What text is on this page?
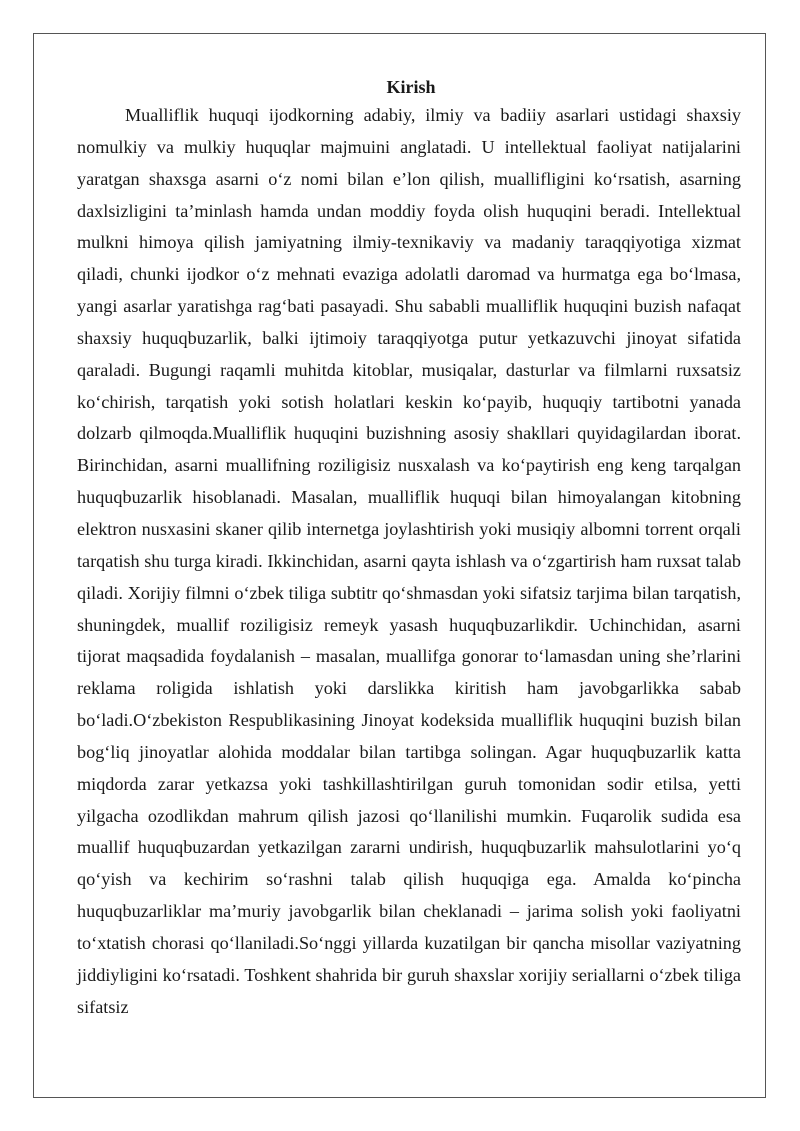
Kirish

Mualliflik huquqi ijodkorning adabiy, ilmiy va badiiy asarlari ustidagi shaxsiy nomulkiy va mulkiy huquqlar majmuini anglatadi. U intellektual faoliyat natijalarini yaratgan shaxsga asarni o‘z nomi bilan e’lon qilish, muallifligini ko‘rsatish, asarning daxlsizligini ta’minlash hamda undan moddiy foyda olish huquqini beradi. Intellektual mulkni himoya qilish jamiyatning ilmiy-texnikaviy va madaniy taraqqiyotiga xizmat qiladi, chunki ijodkor o‘z mehnati evaziga adolatli daromad va hurmatga ega bo‘lmasa, yangi asarlar yaratishga rag‘bati pasayadi. Shu sababli mualliflik huquqini buzish nafaqat shaxsiy huquqbuzarlik, balki ijtimoiy taraqqiyotga putur yetkazuvchi jinoyat sifatida qaraladi. Bugungi raqamli muhitda kitoblar, musiqalar, dasturlar va filmlarni ruxsatsiz ko‘chirish, tarqatish yoki sotish holatlari keskin ko‘payib, huquqiy tartibotni yanada dolzarb qilmoqda.Mualliflik huquqini buzishning asosiy shakllari quyidagilardan iborat. Birinchidan, asarni muallifning roziligisiz nusxalash va ko‘paytirish eng keng tarqalgan huquqbuzarlik hisoblanadi. Masalan, mualliflik huquqi bilan himoyalangan kitobning elektron nusxasini skaner qilib internetga joylashtirish yoki musiqiy albomni torrent orqali tarqatish shu turga kiradi. Ikkinchidan, asarni qayta ishlash va o‘zgartirish ham ruxsat talab qiladi. Xorijiy filmni o‘zbek tiliga subtitr qo‘shmasdan yoki sifatsiz tarjima bilan tarqatish, shuningdek, muallif roziligisiz remeyk yasash huquqbuzarlikdir. Uchinchidan, asarni tijorat maqsadida foydalanish – masalan, muallifga gonorar to‘lamasdan uning she’rlarini reklama roligida ishlatish yoki darslikka kiritish ham javobgarlikka sabab bo‘ladi.O‘zbekiston Respublikasining Jinoyat kodeksida mualliflik huquqini buzish bilan bog‘liq jinoyatlar alohida moddalar bilan tartibga solingan. Agar huquqbuzarlik katta miqdorda zarar yetkazsa yoki tashkillashtirilgan guruh tomonidan sodir etilsa, yetti yilgacha ozodlikdan mahrum qilish jazosi qo‘llanilishi mumkin. Fuqarolik sudida esa muallif huquqbuzardan yetkazilgan zararni undirish, huquqbuzarlik mahsulotlarini yo‘q qo‘yish va kechirim so‘rashni talab qilish huquqiga ega. Amalda ko‘pincha huquqbuzarliklar ma’muriy javobgarlik bilan cheklanadi – jarima solish yoki faoliyatni to‘xtatish chorasi qo‘llaniladi.So‘nggi yillarda kuzatilgan bir qancha misollar vaziyatning jiddiyligini ko‘rsatadi. Toshkent shahrida bir guruh shaxslar xorijiy seriallarni o‘zbek tiliga sifatsiz
